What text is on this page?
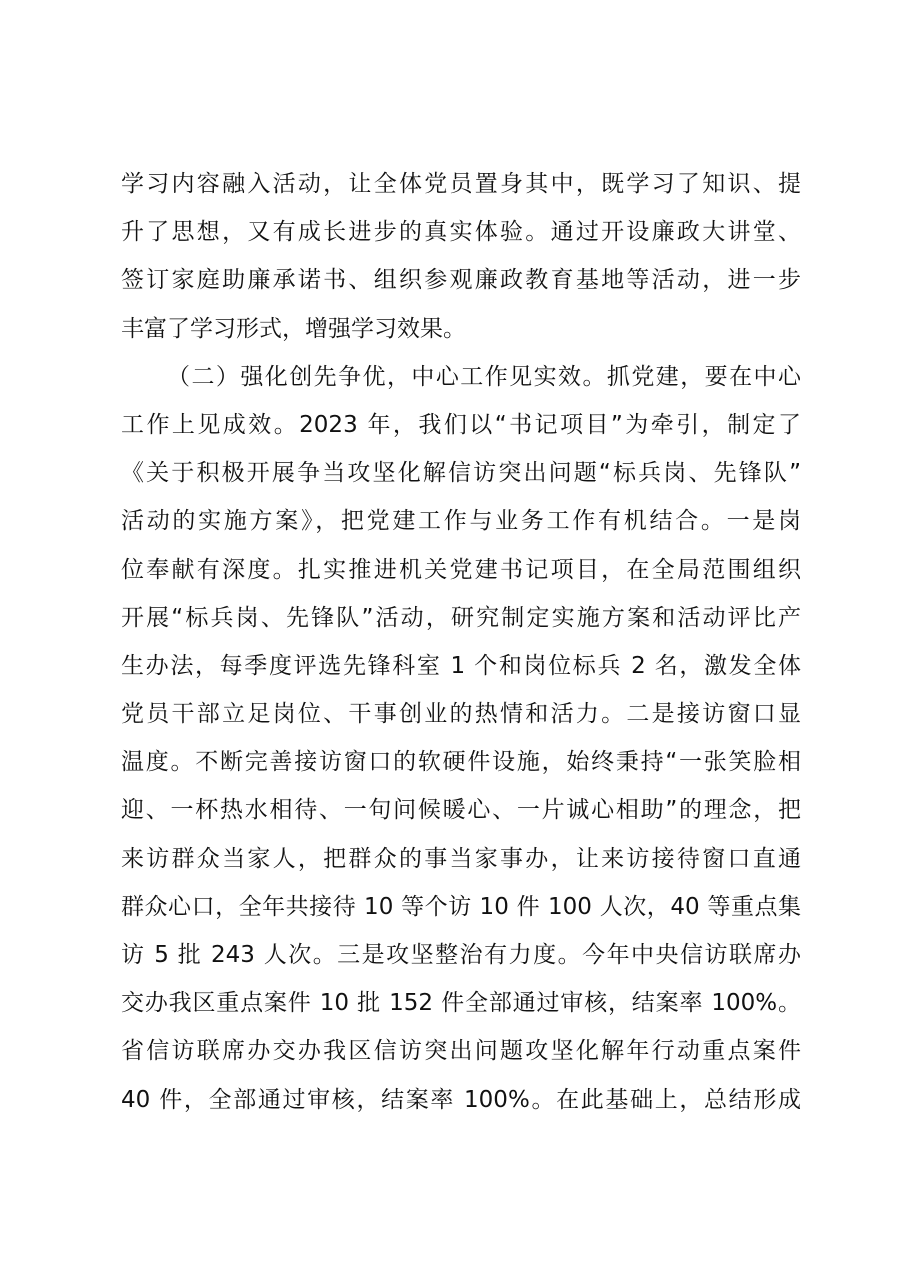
学习内容融入活动，让全体党员置身其中，既学习了知识、提
升了思想，又有成长进步的真实体验。通过开设廉政大讲堂、
签订家庭助廉承诺书、组织参观廉政教育基地等活动，进一步
丰富了学习形式，增强学习效果。
（二）强化创先争优，中心工作见实效。抓党建，要在中心
工作上见成效。2023 年，我们以“书记项目”为牵引，制定了
《关于积极开展争当攻坚化解信访突出问题“标兵岗、先锋队”
活动的实施方案》，把党建工作与业务工作有机结合。一是岗
位奉献有深度。扎实推进机关党建书记项目，在全局范围组织
开展“标兵岗、先锋队”活动，研究制定实施方案和活动评比产
生办法，每季度评选先锋科室 1 个和岗位标兵 2 名，激发全体
党员干部立足岗位、干事创业的热情和活力。二是接访窗口显
温度。不断完善接访窗口的软硬件设施，始终秉持“一张笑脸相
迎、一杯热水相待、一句问候暖心、一片诚心相助”的理念，把
来访群众当家人，把群众的事当家事办，让来访接待窗口直通
群众心口，全年共接待 10 等个访 10 件 100 人次，40 等重点集
访 5 批 243 人次。三是攻坚整治有力度。今年中央信访联席办
交办我区重点案件 10 批 152 件全部通过审核，结案率 100%。
省信访联席办交办我区信访突出问题攻坚化解年行动重点案件
40 件，全部通过审核，结案率 100%。在此基础上，总结形成
